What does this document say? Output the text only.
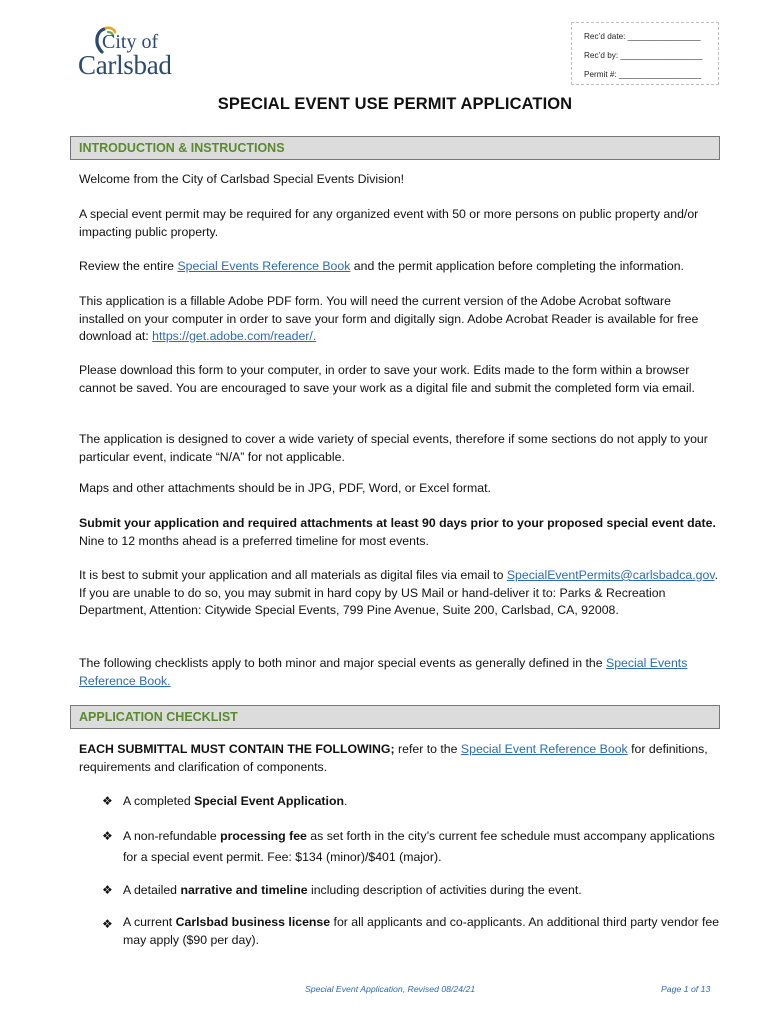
City of
Carlsbad
Rec’d date: ________________
Rec’d by: __________________
Permit #: __________________
SPECIAL EVENT USE PERMIT APPLICATION
INTRODUCTION & INSTRUCTIONS
Welcome from the City of Carlsbad Special Events Division!
A special event permit may be required for any organized event with 50 or more persons on public property and/or impacting public property.
Review the entire Special Events Reference Book and the permit application before completing the information.
This application is a fillable Adobe PDF form. You will need the current version of the Adobe Acrobat software installed on your computer in order to save your form and digitally sign. Adobe Acrobat Reader is available for free download at: https://get.adobe.com/reader/.
Please download this form to your computer, in order to save your work. Edits made to the form within a browser cannot be saved. You are encouraged to save your work as a digital file and submit the completed form via email.
The application is designed to cover a wide variety of special events, therefore if some sections do not apply to your particular event, indicate “N/A” for not applicable.
Maps and other attachments should be in JPG, PDF, Word, or Excel format.
Submit your application and required attachments at least 90 days prior to your proposed special event date. Nine to 12 months ahead is a preferred timeline for most events.
It is best to submit your application and all materials as digital files via email to SpecialEventPermits@carlsbadca.gov. If you are unable to do so, you may submit in hard copy by US Mail or hand-deliver it to: Parks & Recreation Department, Attention: Citywide Special Events, 799 Pine Avenue, Suite 200, Carlsbad, CA, 92008.
The following checklists apply to both minor and major special events as generally defined in the Special Events Reference Book.
APPLICATION CHECKLIST
EACH SUBMITTAL MUST CONTAIN THE FOLLOWING; refer to the Special Event Reference Book for definitions, requirements and clarification of components.
❖ A completed Special Event Application.
❖ A non-refundable processing fee as set forth in the city’s current fee schedule must accompany applications for a special event permit. Fee: $134 (minor)/$401 (major).
❖ A detailed narrative and timeline including description of activities during the event.
❖ A current Carlsbad business license for all applicants and co-applicants. An additional third party vendor fee may apply ($90 per day).
Special Event Application, Revised 08/24/21	Page 1 of 13
